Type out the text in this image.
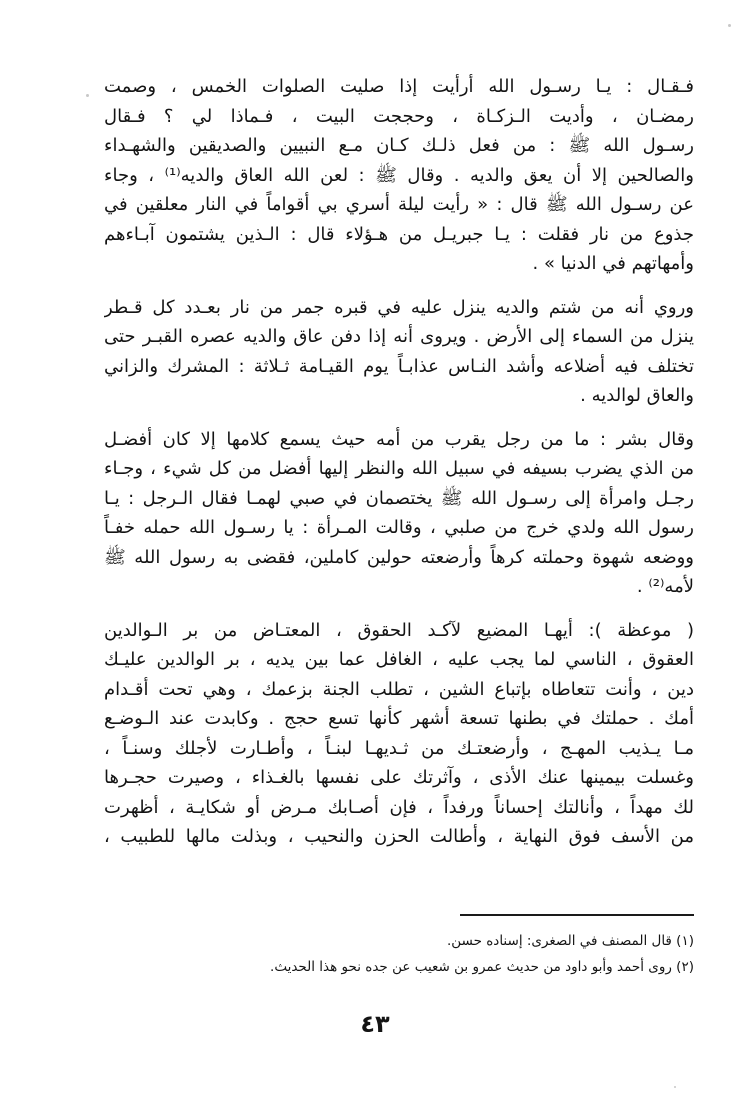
فـقـال : يـا رسـول الله أرأيت إذا صليت الصلوات الخمس ، وصمت
رمضـان ، وأديت الـزكـاة ، وحججت البيت ، فـماذا لي ؟ فـقال
رسـول الله ﷺ : من فعل ذلـك كـان مـع النبيين والصديقين والشهـداء
والصالحين إلا أن يعق والديه . وقال ﷺ : لعن الله العاق والديه⁽¹⁾ ، وجاء
عن رسـول الله ﷺ قال : « رأيت ليلة أسري بي أقواماً في النار معلقين في
جذوع من نار فقلت : يـا جبريـل من هـؤلاء قال : الـذين يشتمون آبـاءهم
وأمهاتهم في الدنيا » .
وروي أنه من شتم والديه ينزل عليه في قبره جمر من نار بعـدد كل قـطر
ينزل من السماء إلى الأرض . ويروى أنه إذا دفن عاق والديه عصره القبـر حتى
تختلف فيه أضلاعه وأشد النـاس عذابـاً يوم القيـامة ثـلاثة : المشرك والزاني
والعاق لوالديه .
وقال بشر : ما من رجل يقرب من أمه حيث يسمع كلامها إلا كان أفضـل
من الذي يضرب بسيفه في سبيل الله والنظر إليها أفضل من كل شيء ، وجـاء
رجـل وامرأة إلى رسـول الله ﷺ يختصمان في صبي لهمـا فقال الـرجل : يـا
رسول الله ولدي خرج من صلبي ، وقالت المـرأة : يا رسـول الله حمله خفـاً
ووضعه شهوة وحملته كرهاً وأرضعته حولين كاملين، فقضى به رسول الله ﷺ
لأمه⁽²⁾ .
( موعظة ): أيهـا المضيع لآكـد الحقوق ، المعتـاض من بر الـوالدين
العقوق ، الناسي لما يجب عليه ، الغافل عما بين يديه ، بر الوالدين عليـك
دين ، وأنت تتعاطاه بإتباع الشين ، تطلب الجنة بزعمك ، وهي تحت أقـدام
أمك . حملتك في بطنها تسعة أشهر كأنها تسع حجج . وكابدت عند الـوضـع
مـا يـذيب المهـج ، وأرضعتـك من ثـديهـا لبنـاً ، وأطـارت لأجلك وسنـاً ،
وغسلت بيمينها عنك الأذى ، وآثرتك على نفسها بالغـذاء ، وصيرت حجـرها
لك مهداً ، وأنالتك إحساناً ورفداً ، فإن أصـابك مـرض أو شكايـة ، أظهرت
من الأسف فوق النهاية ، وأطالت الحزن والنحيب ، وبذلت مالها للطبيب ،
(١) قال المصنف في الصغرى: إسناده حسن.
(٢) روى أحمد وأبو داود من حديث عمرو بن شعيب عن جده نحو هذا الحديث.
٤٣
